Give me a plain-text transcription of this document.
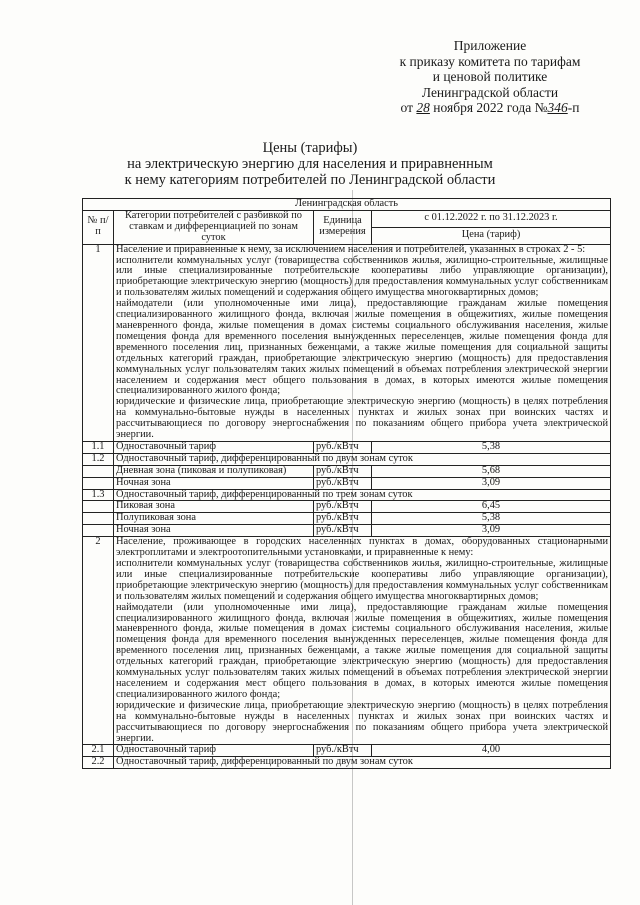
Приложение
к приказу комитета по тарифам
и ценовой политике
Ленинградской области
от 28 ноября 2022 года №346-п
Цены (тарифы)
на электрическую энергию для населения и приравненным
к нему категориям потребителей по Ленинградской области
Ленинградская область			
№ п/п	Категории потребителей с разбивкой по ставкам и дифференциацией по зонам суток	Единица измерения	с 01.12.2022 г. по 31.12.2023 г.
			Цена (тариф)
1	Население и приравненные к нему, за исключением населения и потребителей, указанных в строках 2 - 5:
исполнители коммунальных услуг (товарищества собственников жилья, жилищно-строительные, жилищные или иные специализированные потребительские кооперативы либо управляющие организации), приобретающие электрическую энергию (мощность) для предоставления коммунальных услуг собственникам и пользователям жилых помещений и содержания общего имущества многоквартирных домов;
наймодатели (или уполномоченные ими лица), предоставляющие гражданам жилые помещения специализированного жилищного фонда, включая жилые помещения в общежитиях, жилые помещения маневренного фонда, жилые помещения в домах системы социального обслуживания населения, жилые помещения фонда для временного поселения вынужденных переселенцев, жилые помещения фонда для временного поселения лиц, признанных беженцами, а также жилые помещения для социальной защиты отдельных категорий граждан, приобретающие электрическую энергию (мощность) для предоставления коммунальных услуг пользователям таких жилых помещений в объемах потребления электрической энергии населением и содержания мест общего пользования в домах, в которых имеются жилые помещения специализированного жилого фонда;
юридические и физические лица, приобретающие электрическую энергию (мощность) в целях потребления на коммунально-бытовые нужды в населенных пунктах и жилых зонах при воинских частях и рассчитывающиеся по договору энергоснабжения по показаниям общего прибора учета электрической энергии.		

1.1	Одноставочный тариф	руб./кВтч	5,38
1.2	Одноставочный тариф, дифференцированный по двум зонам суток		
	Дневная зона (пиковая и полупиковая)	руб./кВтч	5,68
	Ночная зона	руб./кВтч	3,09
1.3	Одноставочный тариф, дифференцированный по трем зонам суток		
	Пиковая зона	руб./кВтч	6,45
	Полупиковая зона	руб./кВтч	5,38
	Ночная зона	руб./кВтч	3,09
2	Население, проживающее в городских населенных пунктах в домах, оборудованных стационарными электроплитами и электроотопительными установками, и приравненные к нему:
исполнители коммунальных услуг (товарищества собственников жилья, жилищно-строительные, жилищные или иные специализированные потребительские кооперативы либо управляющие организации), приобретающие электрическую энергию (мощность) для предоставления коммунальных услуг собственникам и пользователям жилых помещений и содержания общего имущества многоквартирных домов;
наймодатели (или уполномоченные ими лица), предоставляющие гражданам жилые помещения специализированного жилищного фонда, включая жилые помещения в общежитиях, жилые помещения маневренного фонда, жилые помещения в домах системы социального обслуживания населения, жилые помещения фонда для временного поселения вынужденных переселенцев, жилые помещения фонда для временного поселения лиц, признанных беженцами, а также жилые помещения для социальной защиты отдельных категорий граждан, приобретающие электрическую энергию (мощность) для предоставления коммунальных услуг пользователям таких жилых помещений в объемах потребления электрической энергии населением и содержания мест общего пользования в домах, в которых имеются жилые помещения специализированного жилого фонда;
юридические и физические лица, приобретающие электрическую энергию (мощность) в целях потребления на коммунально-бытовые нужды в населенных пунктах и жилых зонах при воинских частях и рассчитывающиеся по договору энергоснабжения по показаниям общего прибора учета электрической энергии.		

2.1	Одноставочный тариф	руб./кВтч	4,00
2.2	Одноставочный тариф, дифференцированный по двум зонам суток		
